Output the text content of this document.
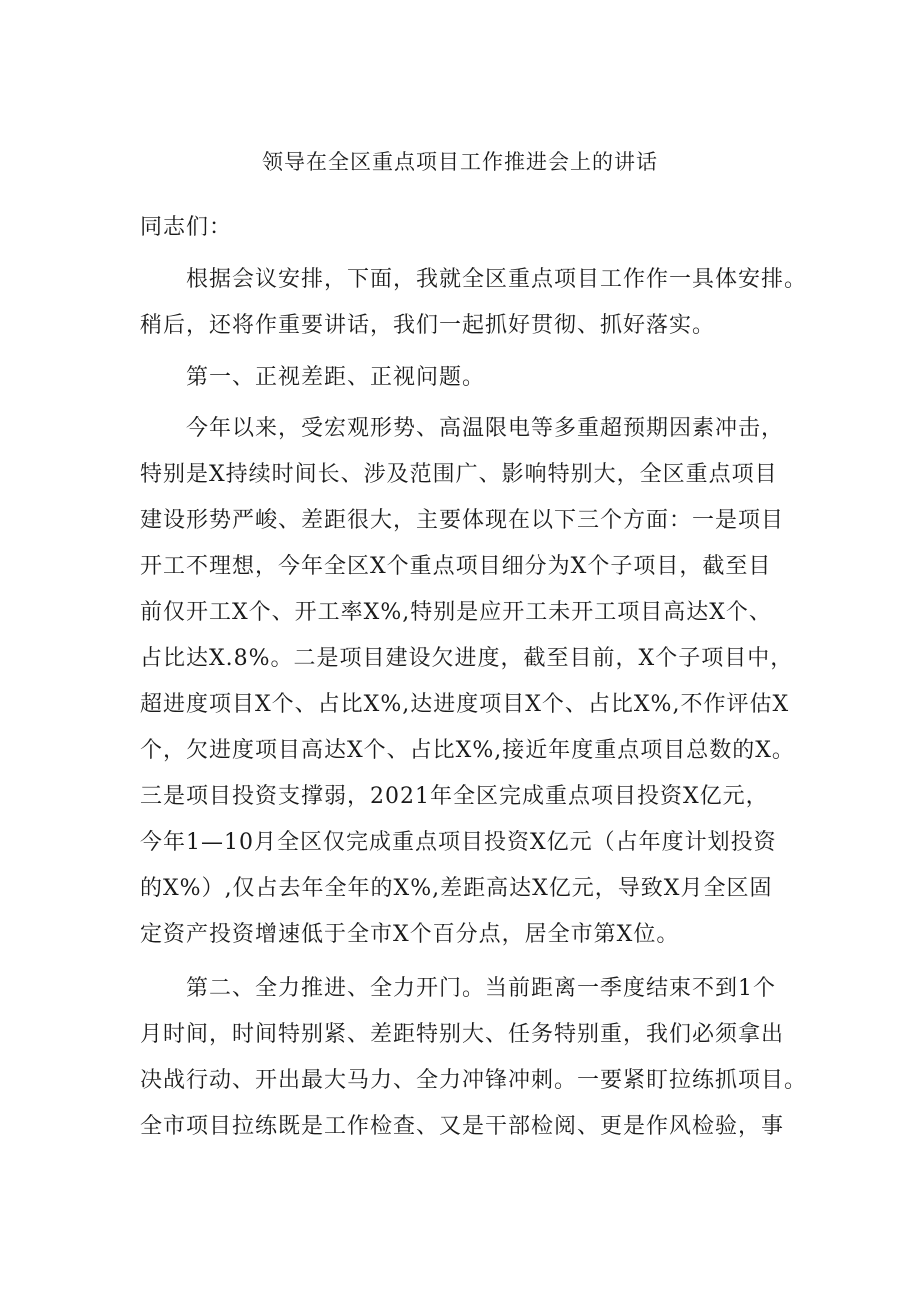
领导在全区重点项目工作推进会上的讲话
同志们：
根据会议安排，下面，我就全区重点项目工作作一具体安排。
稍后，还将作重要讲话，我们一起抓好贯彻、抓好落实。
第一、正视差距、正视问题。
今年以来，受宏观形势、高温限电等多重超预期因素冲击，
特别是X持续时间长、涉及范围广、影响特别大，全区重点项目
建设形势严峻、差距很大，主要体现在以下三个方面：一是项目
开工不理想，今年全区X个重点项目细分为X个子项目，截至目
前仅开工X个、开工率X%,特别是应开工未开工项目高达X个、
占比达X.8%。二是项目建设欠进度，截至目前，X个子项目中，
超进度项目X个、占比X%,达进度项目X个、占比X%,不作评估X
个，欠进度项目高达X个、占比X%,接近年度重点项目总数的X。
三是项目投资支撑弱，2021年全区完成重点项目投资X亿元，
今年1—10月全区仅完成重点项目投资X亿元（占年度计划投资
的X%）,仅占去年全年的X%,差距高达X亿元，导致X月全区固
定资产投资增速低于全市X个百分点，居全市第X位。
第二、全力推进、全力开门。当前距离一季度结束不到1个
月时间，时间特别紧、差距特别大、任务特别重，我们必须拿出
决战行动、开出最大马力、全力冲锋冲刺。一要紧盯拉练抓项目。
全市项目拉练既是工作检查、又是干部检阅、更是作风检验，事
